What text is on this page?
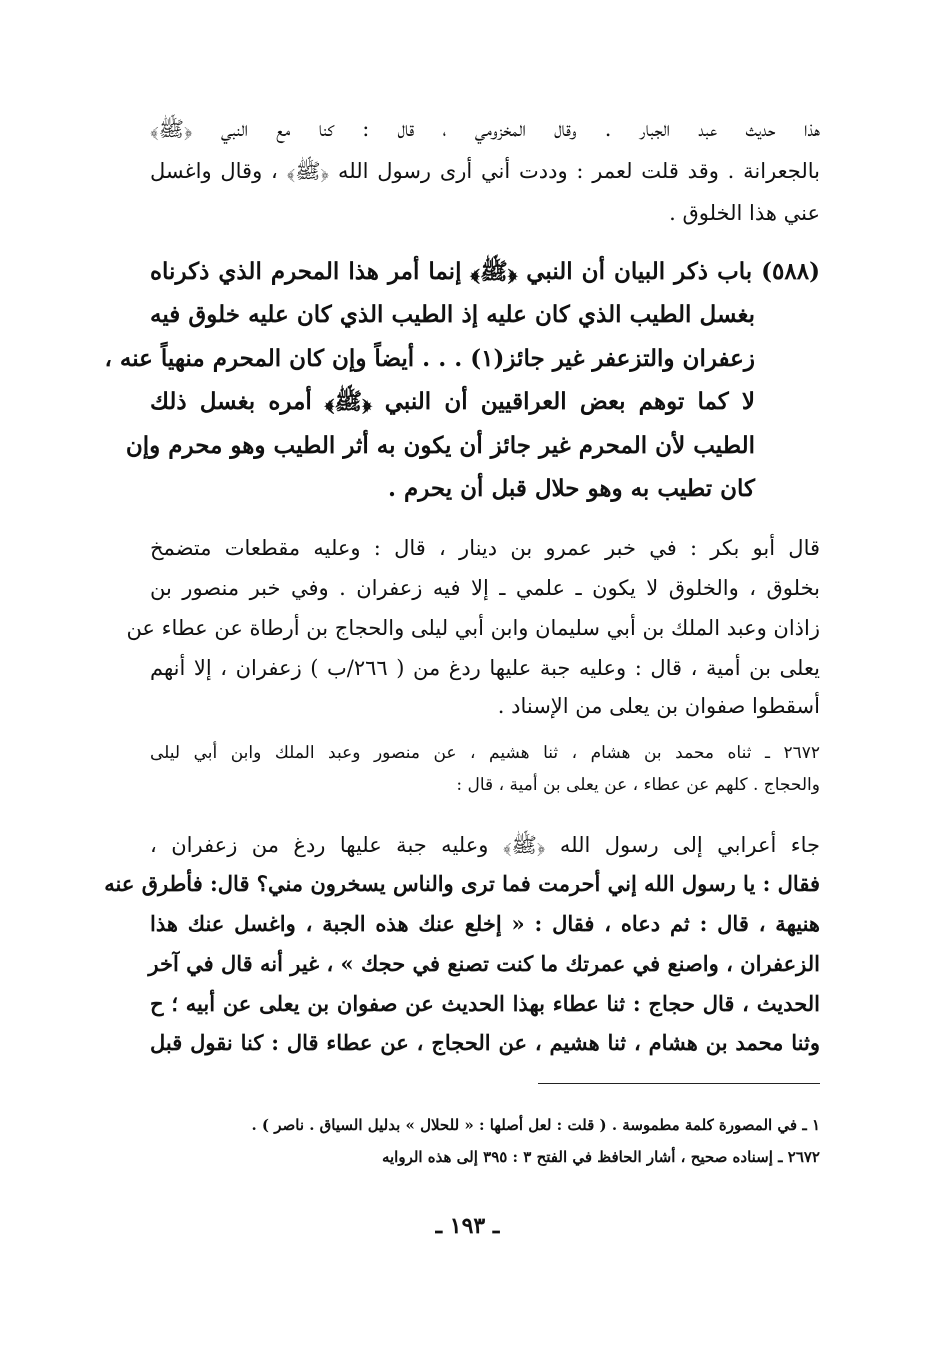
هذا حديث عبد الجبار . وقال المخزومي ، قال : كنا مع النبي ﴿ﷺ﴾
بالجعرانة . وقد قلت لعمر : وددت أني أرى رسول الله ﴿ﷺ﴾ ، وقال واغسل
عني هذا الخلوق .
(٥٨٨) باب ذكر البيان أن النبي ﴿ﷺ﴾ إنما أمر هذا المحرم الذي ذكرناه
بغسل الطيب الذي كان عليه إذ الطيب الذي كان عليه خلوق فيه
زعفران والتزعفر غير جائز(١) . . . أيضاً وإن كان المحرم منهياً عنه ،
لا كما توهم بعض العراقيين أن النبي ﴿ﷺ﴾ أمره بغسل ذلك
الطيب لأن المحرم غير جائز أن يكون به أثر الطيب وهو محرم وإن
كان تطيب به وهو حلال قبل أن يحرم .
قال أبو بكر : في خبر عمرو بن دينار ، قال : وعليه مقطعات متضمخ
بخلوق ، والخلوق لا يكون ـ علمي ـ إلا فيه زعفران . وفي خبر منصور بن
زاذان وعبد الملك بن أبي سليمان وابن أبي ليلى والحجاج بن أرطاة عن عطاء عن
يعلى بن أمية ، قال : وعليه جبة عليها ردغ من ( ٢٦٦/ب ) زعفران ، إلا أنهم
أسقطوا صفوان بن يعلى من الإسناد .
٢٦٧٢ ـ ثناه محمد بن هشام ، ثنا هشيم ، عن منصور وعبد الملك وابن أبي ليلى
والحجاج . كلهم عن عطاء ، عن يعلى بن أمية ، قال :
جاء أعرابي إلى رسول الله ﴿ﷺ﴾ وعليه جبة عليها ردغ من زعفران ،
فقال : يا رسول الله إني أحرمت فما ترى والناس يسخرون مني؟ قال: فأطرق عنه
هنيهة ، قال : ثم دعاه ، فقال : « إخلع عنك هذه الجبة ، واغسل عنك هذا
الزعفران ، واصنع في عمرتك ما كنت تصنع في حجك » ، غير أنه قال في آخر
الحديث ، قال حجاج : ثنا عطاء بهذا الحديث عن صفوان بن يعلى عن أبيه ؛ ح
وثنا محمد بن هشام ، ثنا هشيم ، عن الحجاج ، عن عطاء قال : كنا نقول قبل
١ ـ في المصورة كلمة مطموسة . ( قلت : لعل أصلها : « للحلال » بدليل السياق . ناصر ) .
٢٦٧٢ ـ إسناده صحيح ، أشار الحافظ في الفتح ٣ : ٣٩٥ إلى هذه الروايه
ـ ١٩٣ ـ
